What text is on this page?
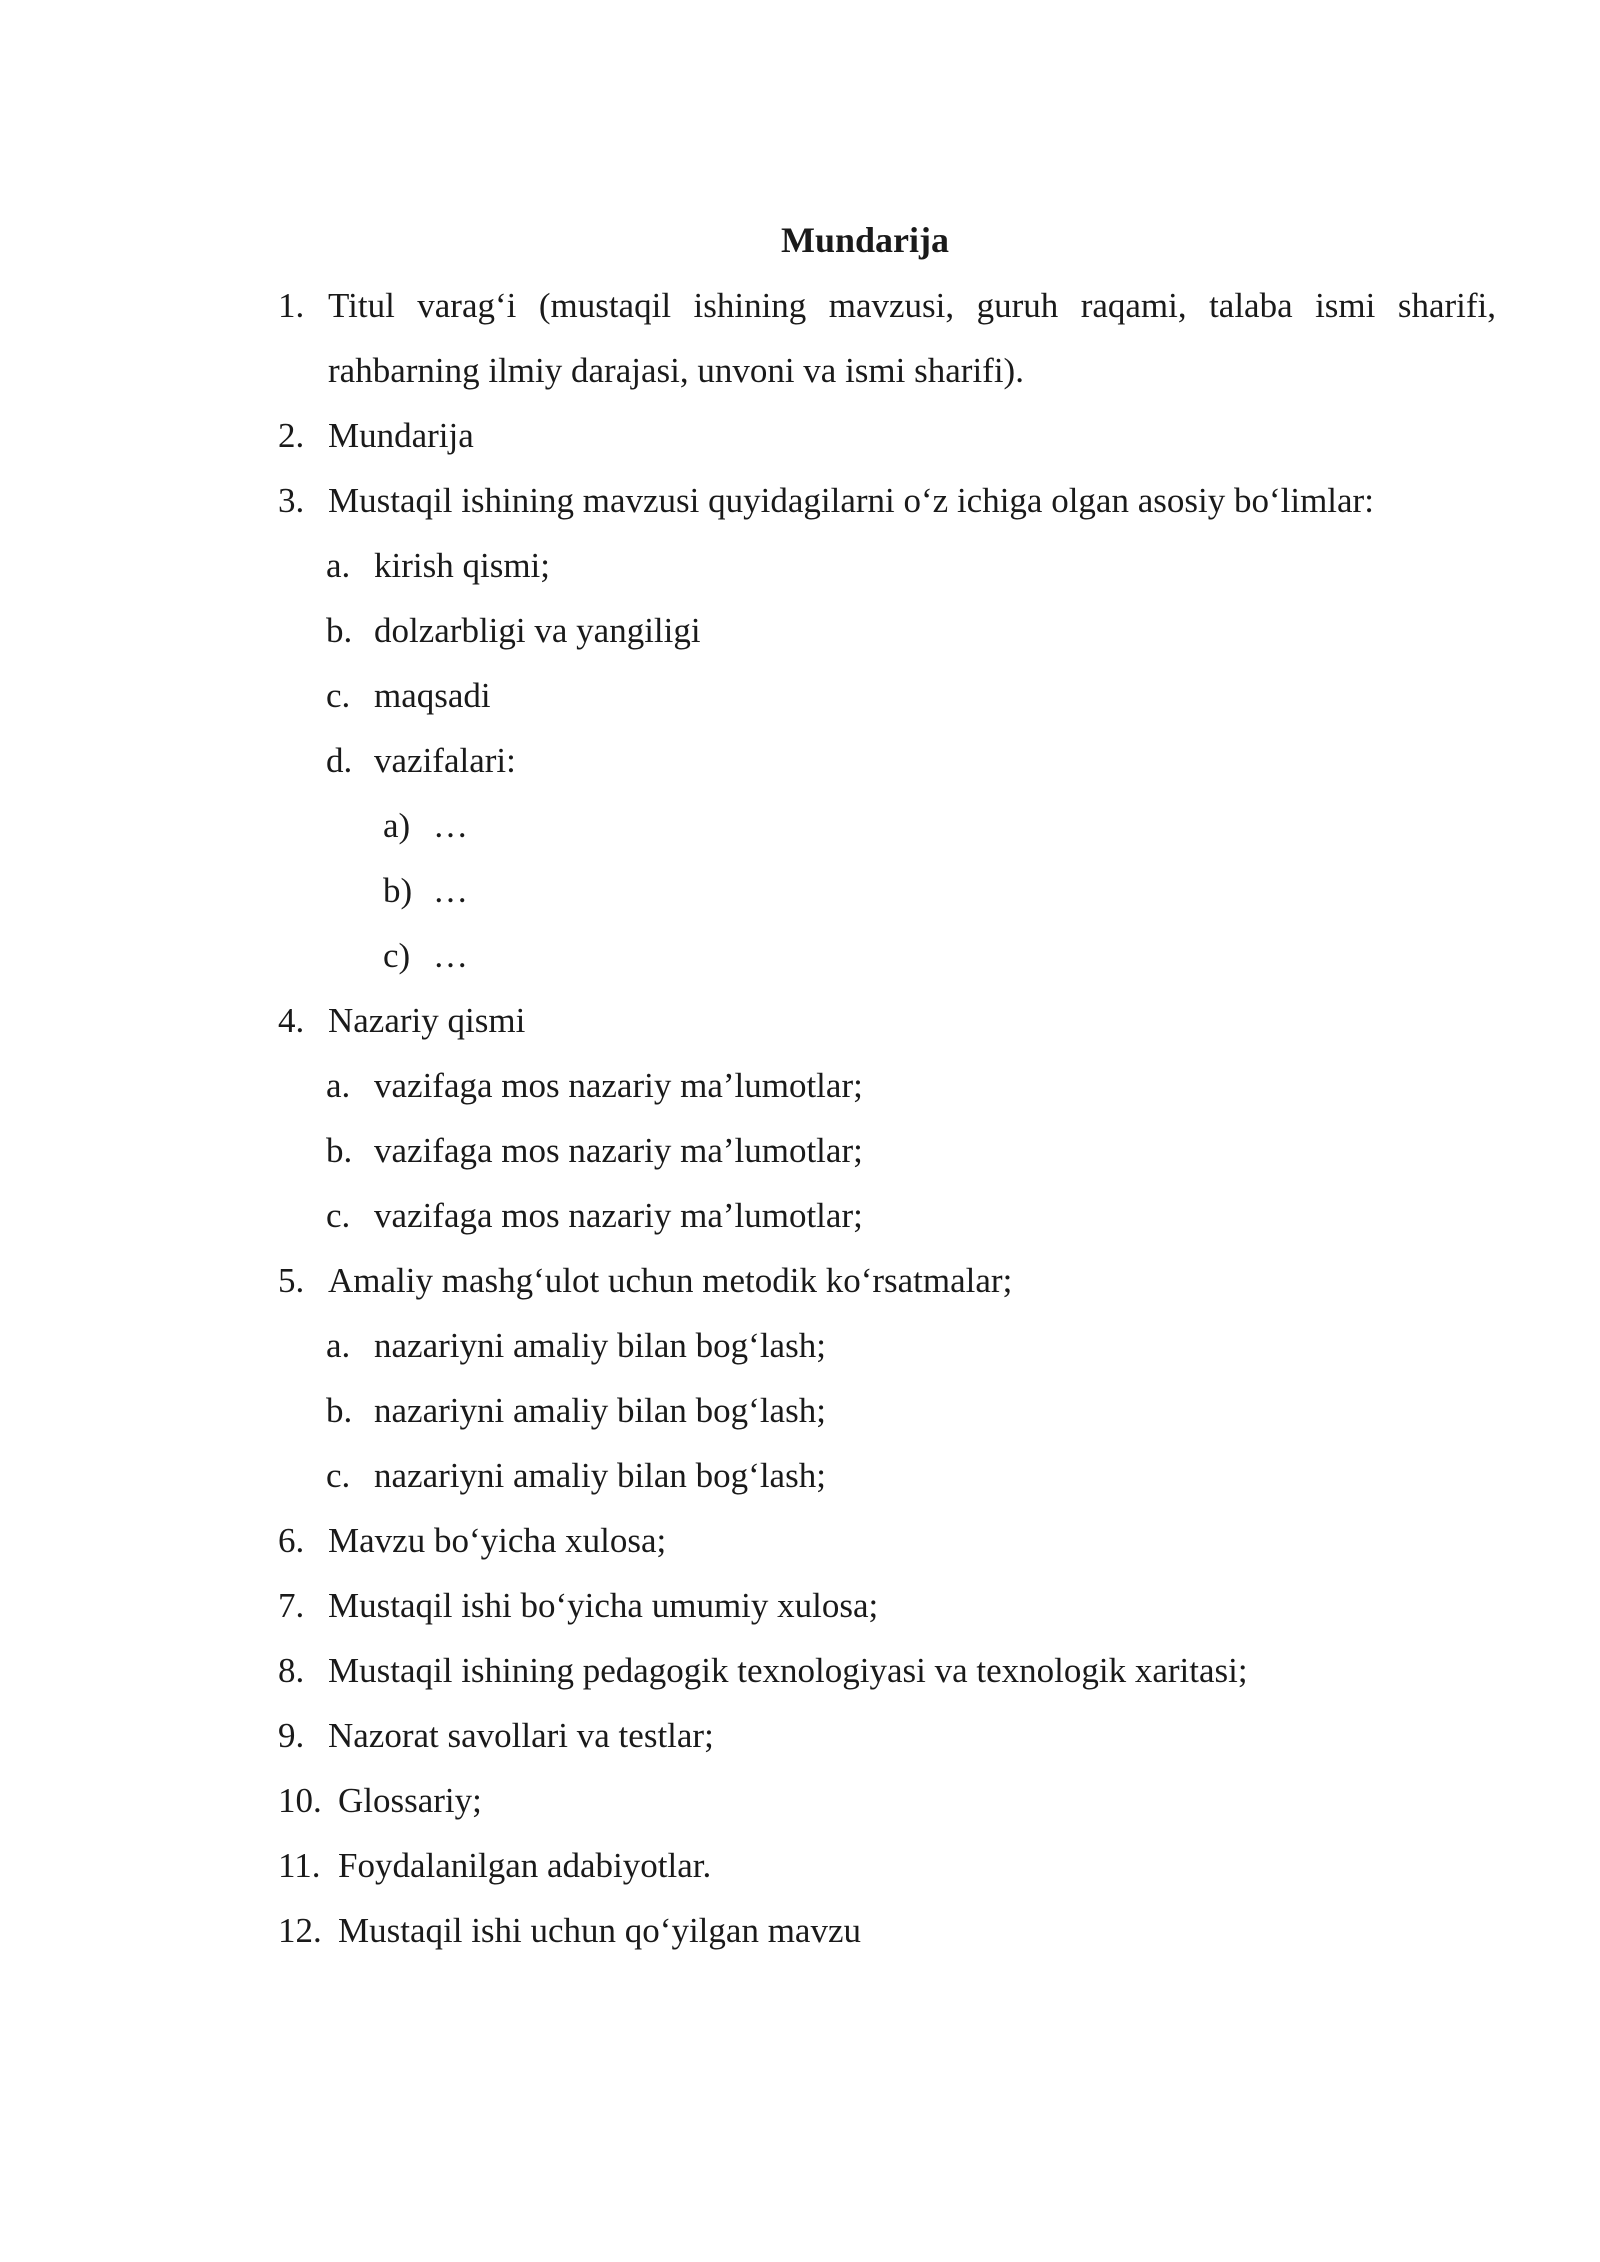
Mundarija
1. Titul varag‘i (mustaqil ishining mavzusi, guruh raqami, talaba ismi sharifi,
rahbarning ilmiy darajasi, unvoni va ismi sharifi).
2. Mundarija
3. Mustaqil ishining mavzusi quyidagilarni o‘z ichiga olgan asosiy bo‘limlar:
a. kirish qismi;
b. dolzarbligi va yangiligi
c. maqsadi
d. vazifalari:
a) …
b) …
c) …
4. Nazariy qismi
a. vazifaga mos nazariy ma’lumotlar;
b. vazifaga mos nazariy ma’lumotlar;
c. vazifaga mos nazariy ma’lumotlar;
5. Amaliy mashg‘ulot uchun metodik ko‘rsatmalar;
a. nazariyni amaliy bilan bog‘lash;
b. nazariyni amaliy bilan bog‘lash;
c. nazariyni amaliy bilan bog‘lash;
6. Mavzu bo‘yicha xulosa;
7. Mustaqil ishi bo‘yicha umumiy xulosa;
8. Mustaqil ishining pedagogik texnologiyasi va texnologik xaritasi;
9. Nazorat savollari va testlar;
10. Glossariy;
11. Foydalanilgan adabiyotlar.
12. Mustaqil ishi uchun qo‘yilgan mavzu
